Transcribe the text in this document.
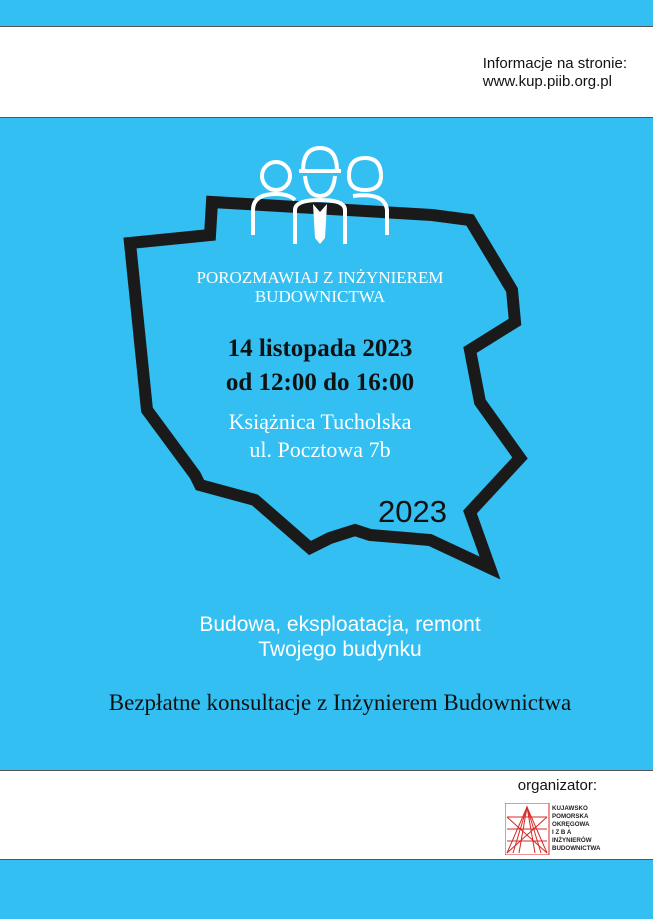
Informacje na stronie:
www.kup.piib.org.pl
POROZMAWIAJ Z INŻYNIEREM
BUDOWNICTWA
14 listopada 2023
od 12:00 do 16:00
Książnica Tucholska
ul. Pocztowa 7b
2023
Budowa, eksploatacja, remont
Twojego budynku
Bezpłatne konsultacje z Inżynierem Budownictwa
organizator:
KUJAWSKO
POMORSKA
OKRĘGOWA
I Z B A
INŻYNIERÓW
BUDOWNICTWA
